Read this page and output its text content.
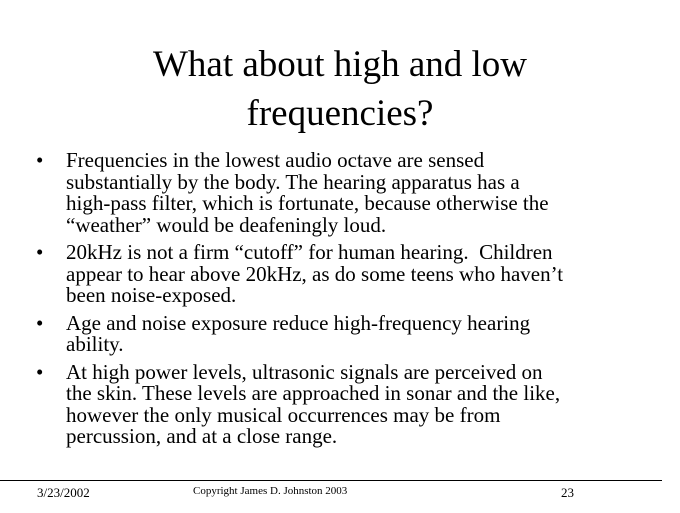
What about high and low
frequencies?
• Frequencies in the lowest audio octave are sensed
substantially by the body. The hearing apparatus has a
high-pass filter, which is fortunate, because otherwise the
“weather” would be deafeningly loud.
• 20kHz is not a firm “cutoff” for human hearing.  Children
appear to hear above 20kHz, as do some teens who haven’t
been noise-exposed.
• Age and noise exposure reduce high-frequency hearing
ability.
• At high power levels, ultrasonic signals are perceived on
the skin. These levels are approached in sonar and the like,
however the only musical occurrences may be from
percussion, and at a close range.
3/23/2002	Copyright James D. Johnston 2003	23
